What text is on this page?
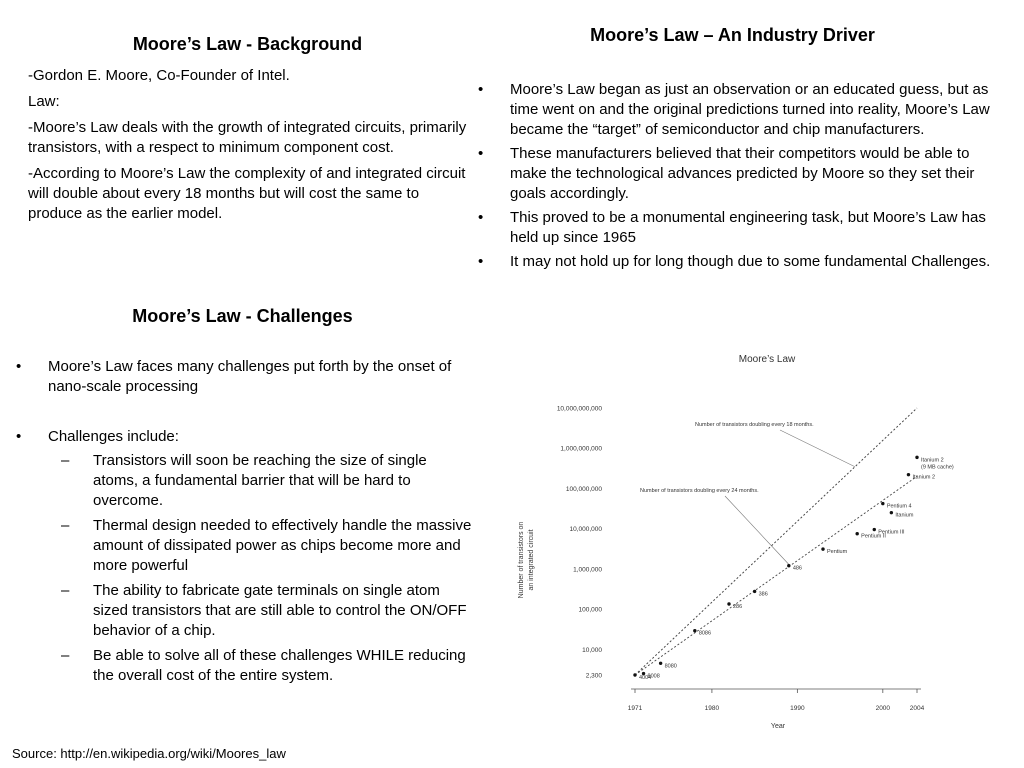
Moore’s Law - Background

-Gordon E. Moore, Co-Founder of Intel.

Law:

-Moore’s Law deals with the growth of integrated circuits, primarily transistors, with a respect to minimum component cost.

-According to Moore’s Law the complexity of and integrated circuit will double about every 18 months but will cost the same to produce as the earlier model.

Moore’s Law - Challenges
• Moore’s Law faces many challenges put forth by the onset of nano-scale processing
• Challenges include:
– Transistors will soon be reaching the size of single atoms, a fundamental barrier that will be hard to overcome.
– Thermal design needed to effectively handle the massive amount of dissipated power as chips become more and more powerful
– The ability to fabricate gate terminals on single atom sized transistors that are still able to control the ON/OFF behavior of a chip.
– Be able to solve all of these challenges WHILE reducing the overall cost of the entire system.
Moore’s Law – An Industry Driver
• Moore’s Law began as just an observation or an educated guess, but as time went on and the original predictions turned into reality, Moore’s Law became the “target” of semiconductor and chip manufacturers.
• These manufacturers believed that their competitors would be able to make the technological advances predicted by Moore so they set their goals accordingly.
• This proved to be a monumental engineering task, but Moore’s Law has held up since 1965
• It may not hold up for long though due to some fundamental Challenges.
Moore’s Law
10,000,000,000
1,000,000,000
100,000,000
10,000,000
1,000,000
100,000
10,000
2,300
1971	1980	1990	2000	2004
Number of transistors doubling every 18 months.
Number of transistors doubling every 24 months.
4004
8008
8080
8086
286
386
486
Pentium
Pentium II
Pentium III
Pentium 4
Itanium
Itanium 2
Itanium 2
(9 MB cache)
Year
Number of transistors on an integrated circuit
Source: http://en.wikipedia.org/wiki/Moores_law
